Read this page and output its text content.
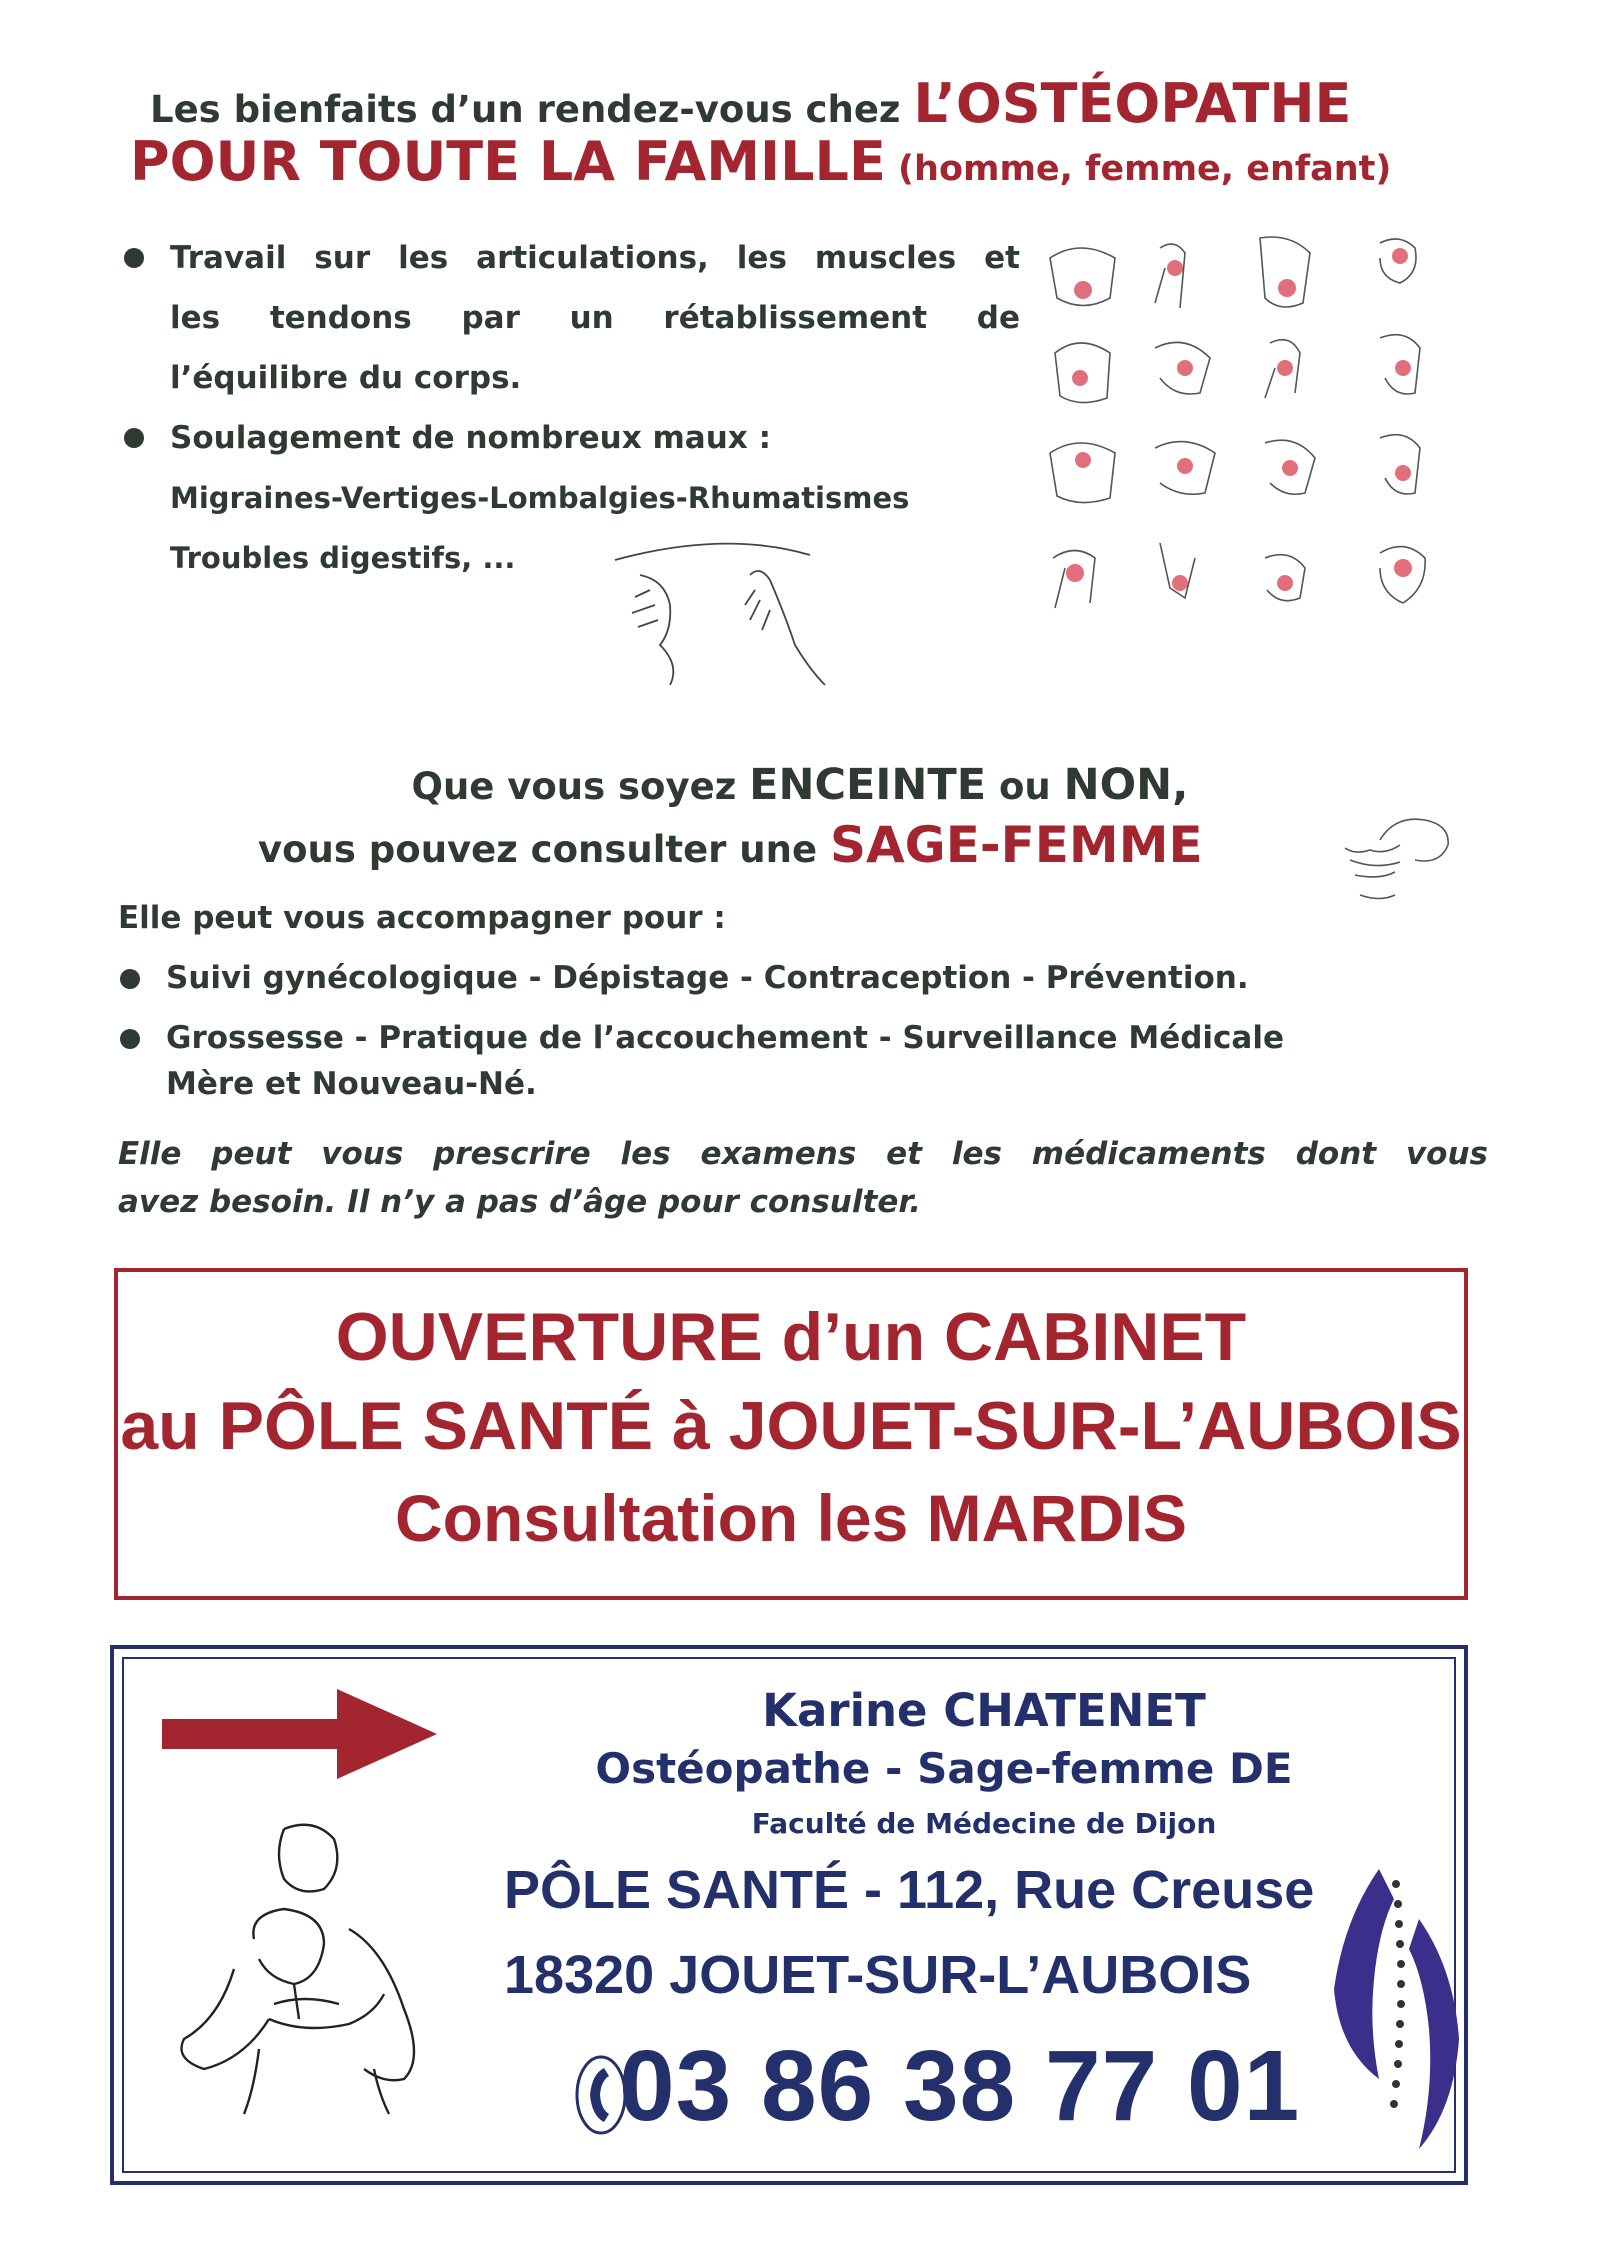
Les bienfaits d’un rendez-vous chez L’OSTÉOPATHE
POUR TOUTE LA FAMILLE (homme, femme, enfant)
Travail sur les articulations, les muscles et
les tendons par un rétablissement de
l’équilibre du corps.
Soulagement de nombreux maux :
Migraines-Vertiges-Lombalgies-Rhumatismes
Troubles digestifs, ...
Que vous soyez ENCEINTE ou NON,
vous pouvez consulter une SAGE-FEMME
Elle peut vous accompagner pour :
Suivi gynécologique - Dépistage - Contraception - Prévention.
Grossesse - Pratique de l’accouchement - Surveillance Médicale
Mère et Nouveau-Né.
Elle peut vous prescrire les examens et les médicaments dont vous
avez besoin. Il n’y a pas d’âge pour consulter.
OUVERTURE d’un CABINET
au PÔLE SANTÉ à JOUET-SUR-L’AUBOIS
Consultation les MARDIS
Karine CHATENET
Ostéopathe - Sage-femme DE
Faculté de Médecine de Dijon
PÔLE SANTÉ - 112, Rue Creuse
18320 JOUET-SUR-L’AUBOIS
03 86 38 77 01
